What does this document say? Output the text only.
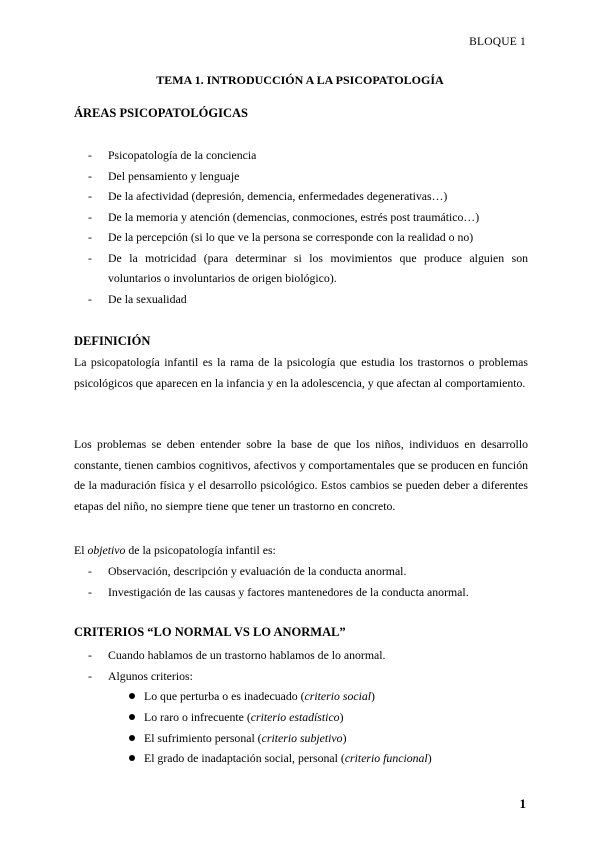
BLOQUE 1
TEMA 1. INTRODUCCIÓN A LA PSICOPATOLOGÍA
ÁREAS PSICOPATOLÓGICAS
- Psicopatología de la conciencia
- Del pensamiento y lenguaje
- De la afectividad (depresión, demencia, enfermedades degenerativas…)
- De la memoria y atención (demencias, conmociones, estrés post traumático…)
- De la percepción (si lo que ve la persona se corresponde con la realidad o no)
- De la motricidad (para determinar si los movimientos que produce alguien son voluntarios o involuntarios de origen biológico).
- De la sexualidad
DEFINICIÓN
La psicopatología infantil es la rama de la psicología que estudia los trastornos o problemas psicológicos que aparecen en la infancia y en la adolescencia, y que afectan al comportamiento.
Los problemas se deben entender sobre la base de que los niños, individuos en desarrollo constante, tienen cambios cognitivos, afectivos y comportamentales que se producen en función de la maduración física y el desarrollo psicológico. Estos cambios se pueden deber a diferentes etapas del niño, no siempre tiene que tener un trastorno en concreto.
El objetivo de la psicopatología infantil es:
- Observación, descripción y evaluación de la conducta anormal.
- Investigación de las causas y factores mantenedores de la conducta anormal.
CRITERIOS “LO NORMAL VS LO ANORMAL”
- Cuando hablamos de un trastorno hablamos de lo anormal.
- Algunos criterios:
Lo que perturba o es inadecuado (criterio social)
Lo raro o infrecuente (criterio estadístico)
El sufrimiento personal (criterio subjetivo)
El grado de inadaptación social, personal (criterio funcional)
1
